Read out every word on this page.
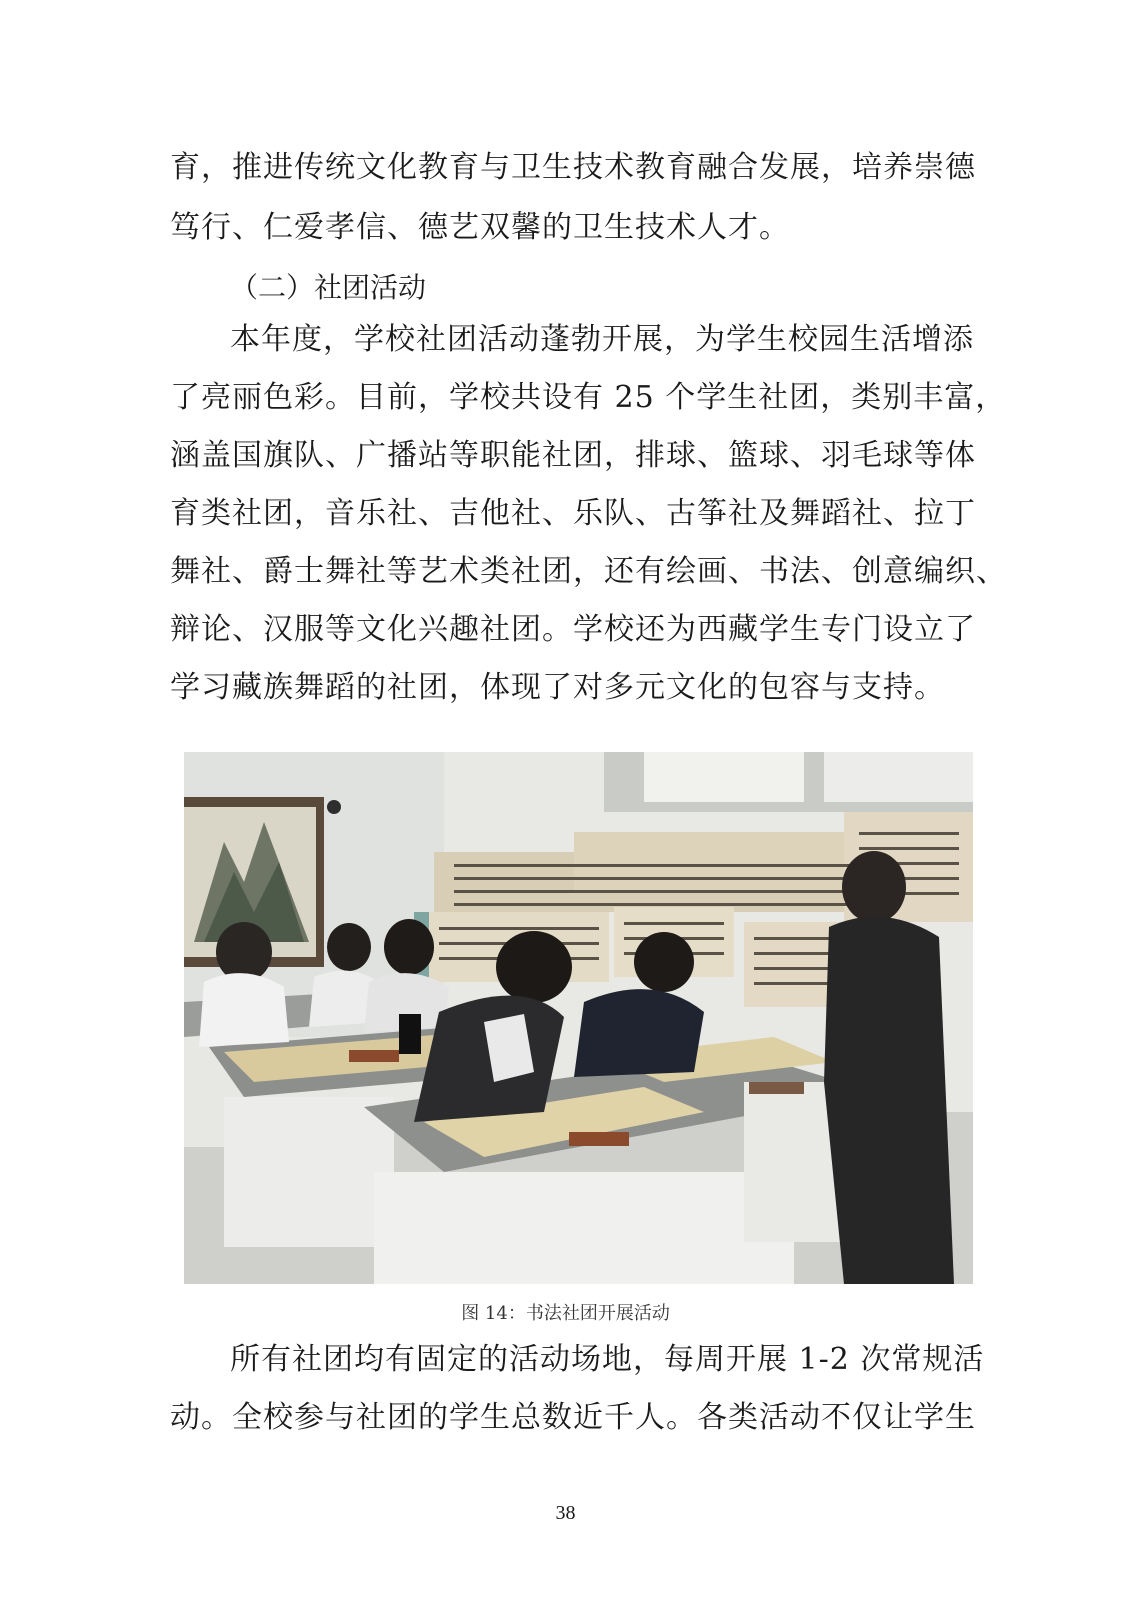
育，推进传统文化教育与卫生技术教育融合发展，培养崇德
笃行、仁爱孝信、德艺双馨的卫生技术人才。
（二）社团活动
本年度，学校社团活动蓬勃开展，为学生校园生活增添
了亮丽色彩。目前，学校共设有 25 个学生社团，类别丰富，
涵盖国旗队、广播站等职能社团，排球、篮球、羽毛球等体
育类社团，音乐社、吉他社、乐队、古筝社及舞蹈社、拉丁
舞社、爵士舞社等艺术类社团，还有绘画、书法、创意编织、
辩论、汉服等文化兴趣社团。学校还为西藏学生专门设立了
学习藏族舞蹈的社团，体现了对多元文化的包容与支持。
图 14：书法社团开展活动
所有社团均有固定的活动场地，每周开展 1-2 次常规活
动。全校参与社团的学生总数近千人。各类活动不仅让学生
38
